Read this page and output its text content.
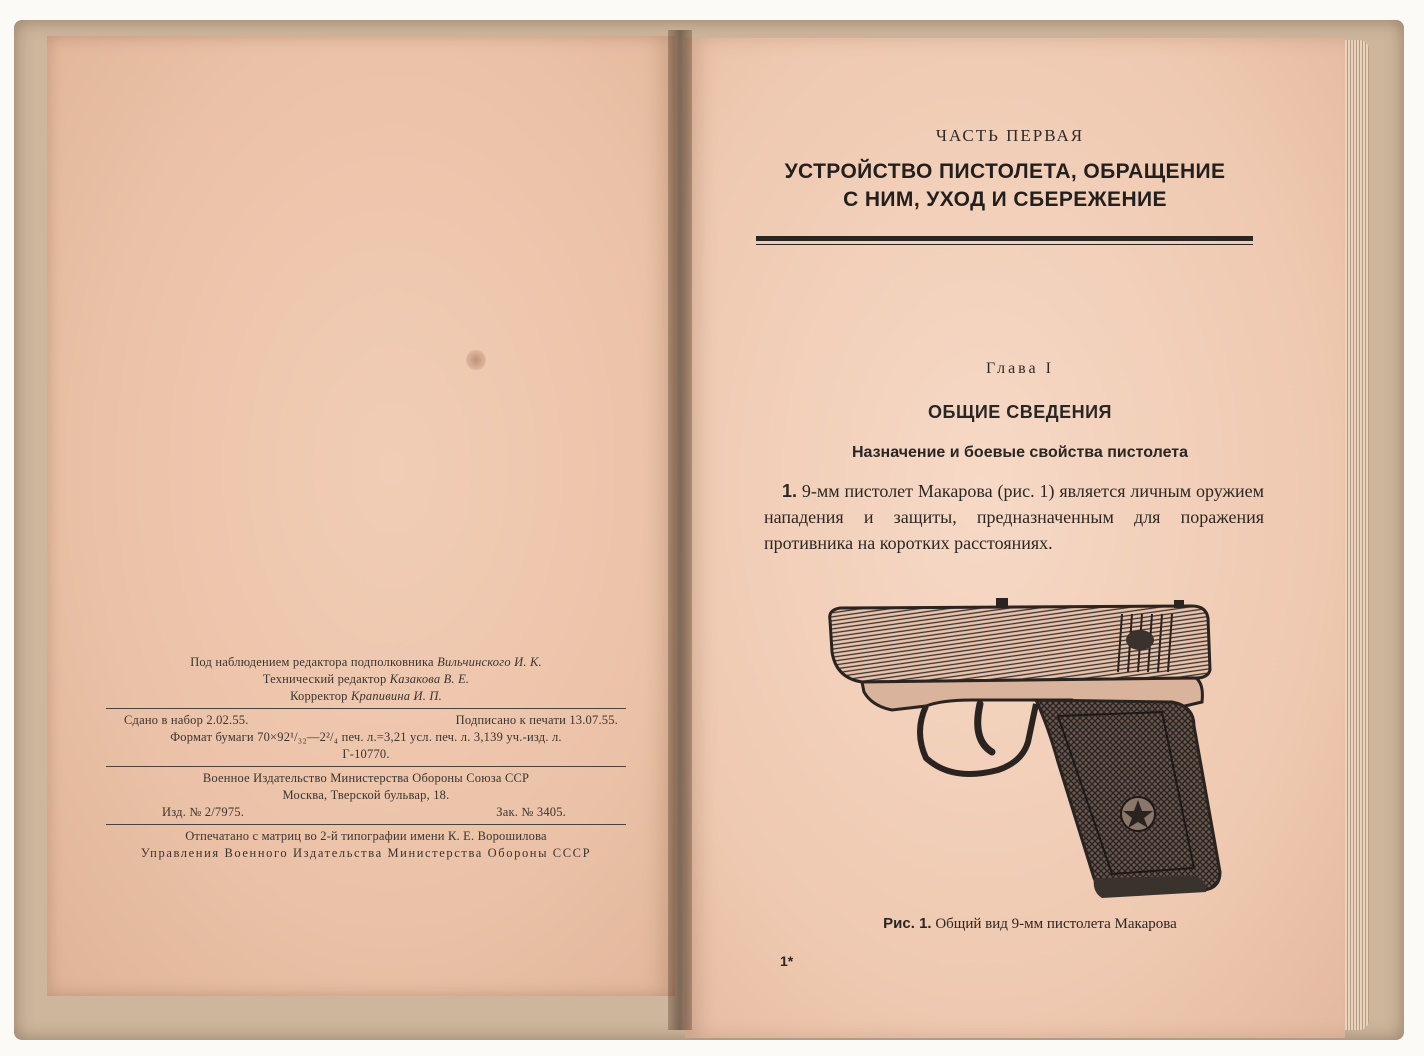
Под наблюдением редактора подполковника Вильчинского И. К.
Технический редактор Казакова В. Е.
Корректор Крапивина И. П.
Сдано в набор 2.02.55.	Подписано к печати 13.07.55.
Формат бумаги 70×92¹/₃₂—2²/₄ печ. л.=3,21 усл. печ. л. 3,139 уч.-изд. л.
Г-10770.
Военное Издательство Министерства Обороны Союза ССР
Москва, Тверской бульвар, 18.
Изд. № 2/7975.	Зак. № 3405.
Отпечатано с матриц во 2-й типографии имени К. Е. Ворошилова
Управления Военного Издательства Министерства Обороны СССР
ЧАСТЬ ПЕРВАЯ
УСТРОЙСТВО ПИСТОЛЕТА, ОБРАЩЕНИЕ
С НИМ, УХОД И СБЕРЕЖЕНИЕ
Глава I
ОБЩИЕ СВЕДЕНИЯ
Назначение и боевые свойства пистолета
1. 9-мм пистолет Макарова (рис. 1) является личным оружием нападения и защиты, предназначенным для поражения противника на коротких расстояниях.
Рис. 1. Общий вид 9-мм пистолета Макарова
1*
